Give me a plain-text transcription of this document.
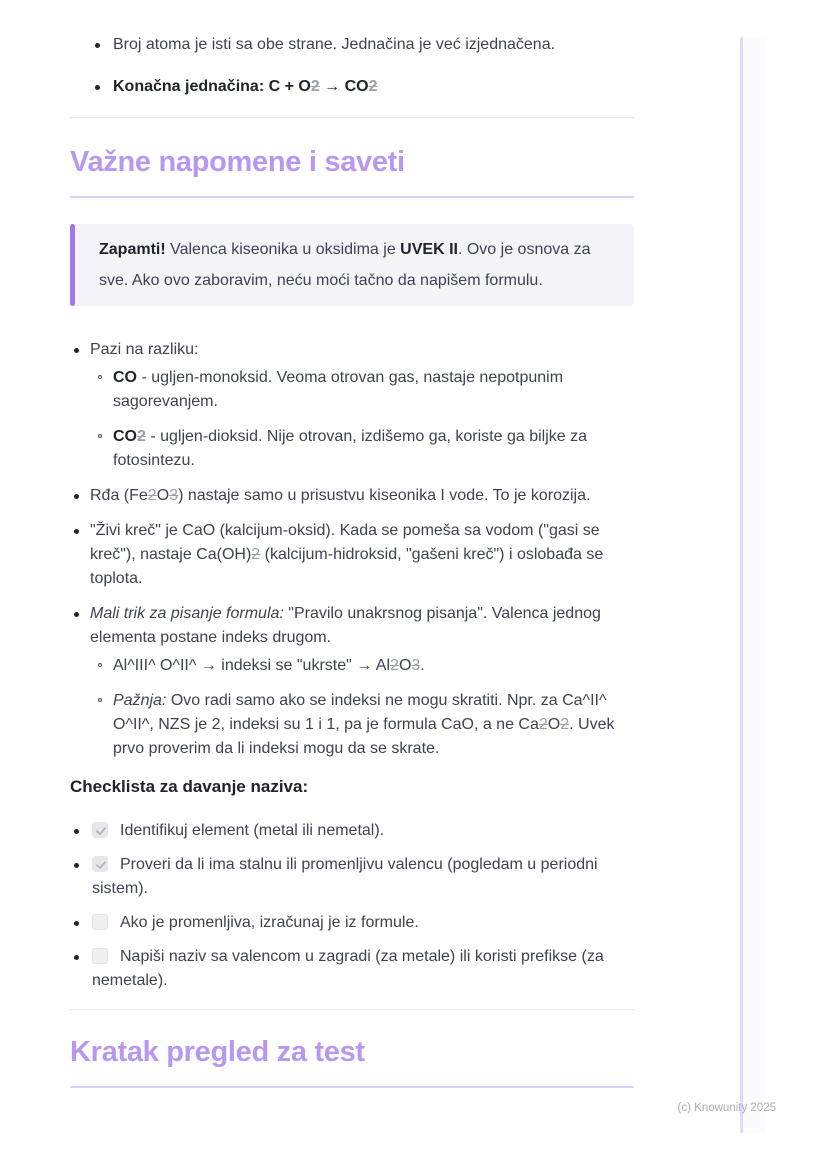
Broj atoma je isti sa obe strane. Jednačina je već izjednačena.
Konačna jednačina: C + O2 → CO2
Važne napomene i saveti

Zapamti! Valenca kiseonika u oksidima je UVEK II. Ovo je osnova za sve. Ako ovo zaboravim, neću moći tačno da napišem formulu.

Pazi na razliku:
CO - ugljen-monoksid. Veoma otrovan gas, nastaje nepotpunim sagorevanjem.
CO2 - ugljen-dioksid. Nije otrovan, izdišemo ga, koriste ga biljke za fotosintezu.
Rđa (Fe2O3) nastaje samo u prisustvu kiseonika I vode. To je korozija.
"Živi kreč" je CaO (kalcijum-oksid). Kada se pomeša sa vodom ("gasi se kreč"), nastaje Ca(OH)2 (kalcijum-hidroksid, "gašeni kreč") i oslobađa se toplota.
Mali trik za pisanje formula: "Pravilo unakrsnog pisanja". Valenca jednog elementa postane indeks drugom.
Al^III^ O^II^ → indeksi se "ukrste" → Al2O3.
Pažnja: Ovo radi samo ako se indeksi ne mogu skratiti. Npr. za Ca^II^ O^II^, NZS je 2, indeksi su 1 i 1, pa je formula CaO, a ne Ca2O2. Uvek prvo proverim da li indeksi mogu da se skrate.
Checklista za davanje naziva:
Identifikuj element (metal ili nemetal).
Proveri da li ima stalnu ili promenljivu valencu (pogledam u periodni sistem).
Ako je promenljiva, izračunaj je iz formule.
Napiši naziv sa valencom u zagradi (za metale) ili koristi prefikse (za nemetale).
Kratak pregled za test
(c) Knowunity 2025
